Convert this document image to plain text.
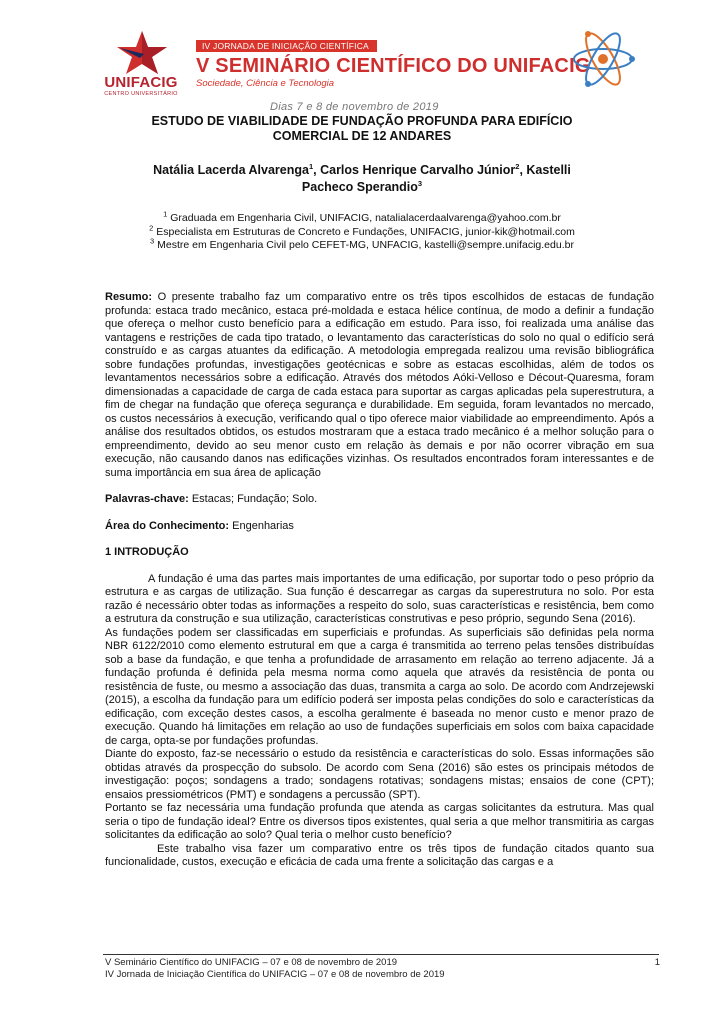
UNIFACIG
CENTRO UNIVERSITÁRIO
IV JORNADA DE INICIAÇÃO CIENTÍFICA
V SEMINÁRIO CIENTÍFICO DO UNIFACIG
Sociedade, Ciência e Tecnologia
Dias 7 e 8 de novembro de 2019
ESTUDO DE VIABILIDADE DE FUNDAÇÃO PROFUNDA PARA EDIFÍCIO
COMERCIAL DE 12 ANDARES
Natália Lacerda Alvarenga$^1$, Carlos Henrique Carvalho Júnior$^2$, Kastelli
Pacheco Sperandio$^3$
$^1$ Graduada em Engenharia Civil, UNIFACIG, natalialacerdaalvarenga@yahoo.com.br
$^2$ Especialista em Estruturas de Concreto e Fundações, UNIFACIG, junior-kik@hotmail.com
$^3$ Mestre em Engenharia Civil pelo CEFET-MG, UNFACIG, kastelli@sempre.unifacig.edu.br

Resumo: O presente trabalho faz um comparativo entre os três tipos escolhidos de estacas de fundação profunda: estaca trado mecânico, estaca pré-moldada e estaca hélice contínua, de modo a definir a fundação que ofereça o melhor custo benefício para a edificação em estudo. Para isso, foi realizada uma análise das vantagens e restrições de cada tipo tratado, o levantamento das características do solo no qual o edifício será construído e as cargas atuantes da edificação. A metodologia empregada realizou uma revisão bibliográfica sobre fundações profundas, investigações geotécnicas e sobre as estacas escolhidas, além de todos os levantamentos necessários sobre a edificação. Através dos métodos Aóki-Velloso e Décout-Quaresma, foram dimensionadas a capacidade de carga de cada estaca para suportar as cargas aplicadas pela superestrutura, a fim de chegar na fundação que ofereça segurança e durabilidade. Em seguida, foram levantados no mercado, os custos necessários à execução, verificando qual o tipo oferece maior viabilidade ao empreendimento. Após a análise dos resultados obtidos, os estudos mostraram que a estaca trado mecânico é a melhor solução para o empreendimento, devido ao seu menor custo em relação às demais e por não ocorrer vibração em sua execução, não causando danos nas edificações vizinhas. Os resultados encontrados foram interessantes e de suma importância em sua área de aplicação

Palavras-chave: Estacas; Fundação; Solo.

Área do Conhecimento: Engenharias

1 INTRODUÇÃO

A fundação é uma das partes mais importantes de uma edificação, por suportar todo o peso próprio da estrutura e as cargas de utilização. Sua função é descarregar as cargas da superestrutura no solo. Por esta razão é necessário obter todas as informações a respeito do solo, suas características e resistência, bem como a estrutura da construção e sua utilização, características construtivas e peso próprio, segundo Sena (2016).

As fundações podem ser classificadas em superficiais e profundas. As superficiais são definidas pela norma NBR 6122/2010 como elemento estrutural em que a carga é transmitida ao terreno pelas tensões distribuídas sob a base da fundação, e que tenha a profundidade de arrasamento em relação ao terreno adjacente. Já a fundação profunda é definida pela mesma norma como aquela que através da resistência de ponta ou resistência de fuste, ou mesmo a associação das duas, transmita a carga ao solo. De acordo com Andrzejewski (2015), a escolha da fundação para um edifício poderá ser imposta pelas condições do solo e características da edificação, com exceção destes casos, a escolha geralmente é baseada no menor custo e menor prazo de execução. Quando há limitações em relação ao uso de fundações superficiais em solos com baixa capacidade de carga, opta-se por fundações profundas.

Diante do exposto, faz-se necessário o estudo da resistência e características do solo. Essas informações são obtidas através da prospecção do subsolo. De acordo com Sena (2016) são estes os principais métodos de investigação: poços; sondagens a trado; sondagens rotativas; sondagens mistas; ensaios de cone (CPT); ensaios pressiométricos (PMT) e sondagens a percussão (SPT).

Portanto se faz necessária uma fundação profunda que atenda as cargas solicitantes da estrutura. Mas qual seria o tipo de fundação ideal? Entre os diversos tipos existentes, qual seria a que melhor transmitiria as cargas solicitantes da edificação ao solo? Qual teria o melhor custo benefício?

Este trabalho visa fazer um comparativo entre os três tipos de fundação citados quanto sua funcionalidade, custos, execução e eficácia de cada uma frente a solicitação das cargas e a

V Seminário Científico do UNIFACIG – 07 e 08 de novembro de 2019
IV Jornada de Iniciação Científica do UNIFACIG – 07 e 08 de novembro de 2019
1
